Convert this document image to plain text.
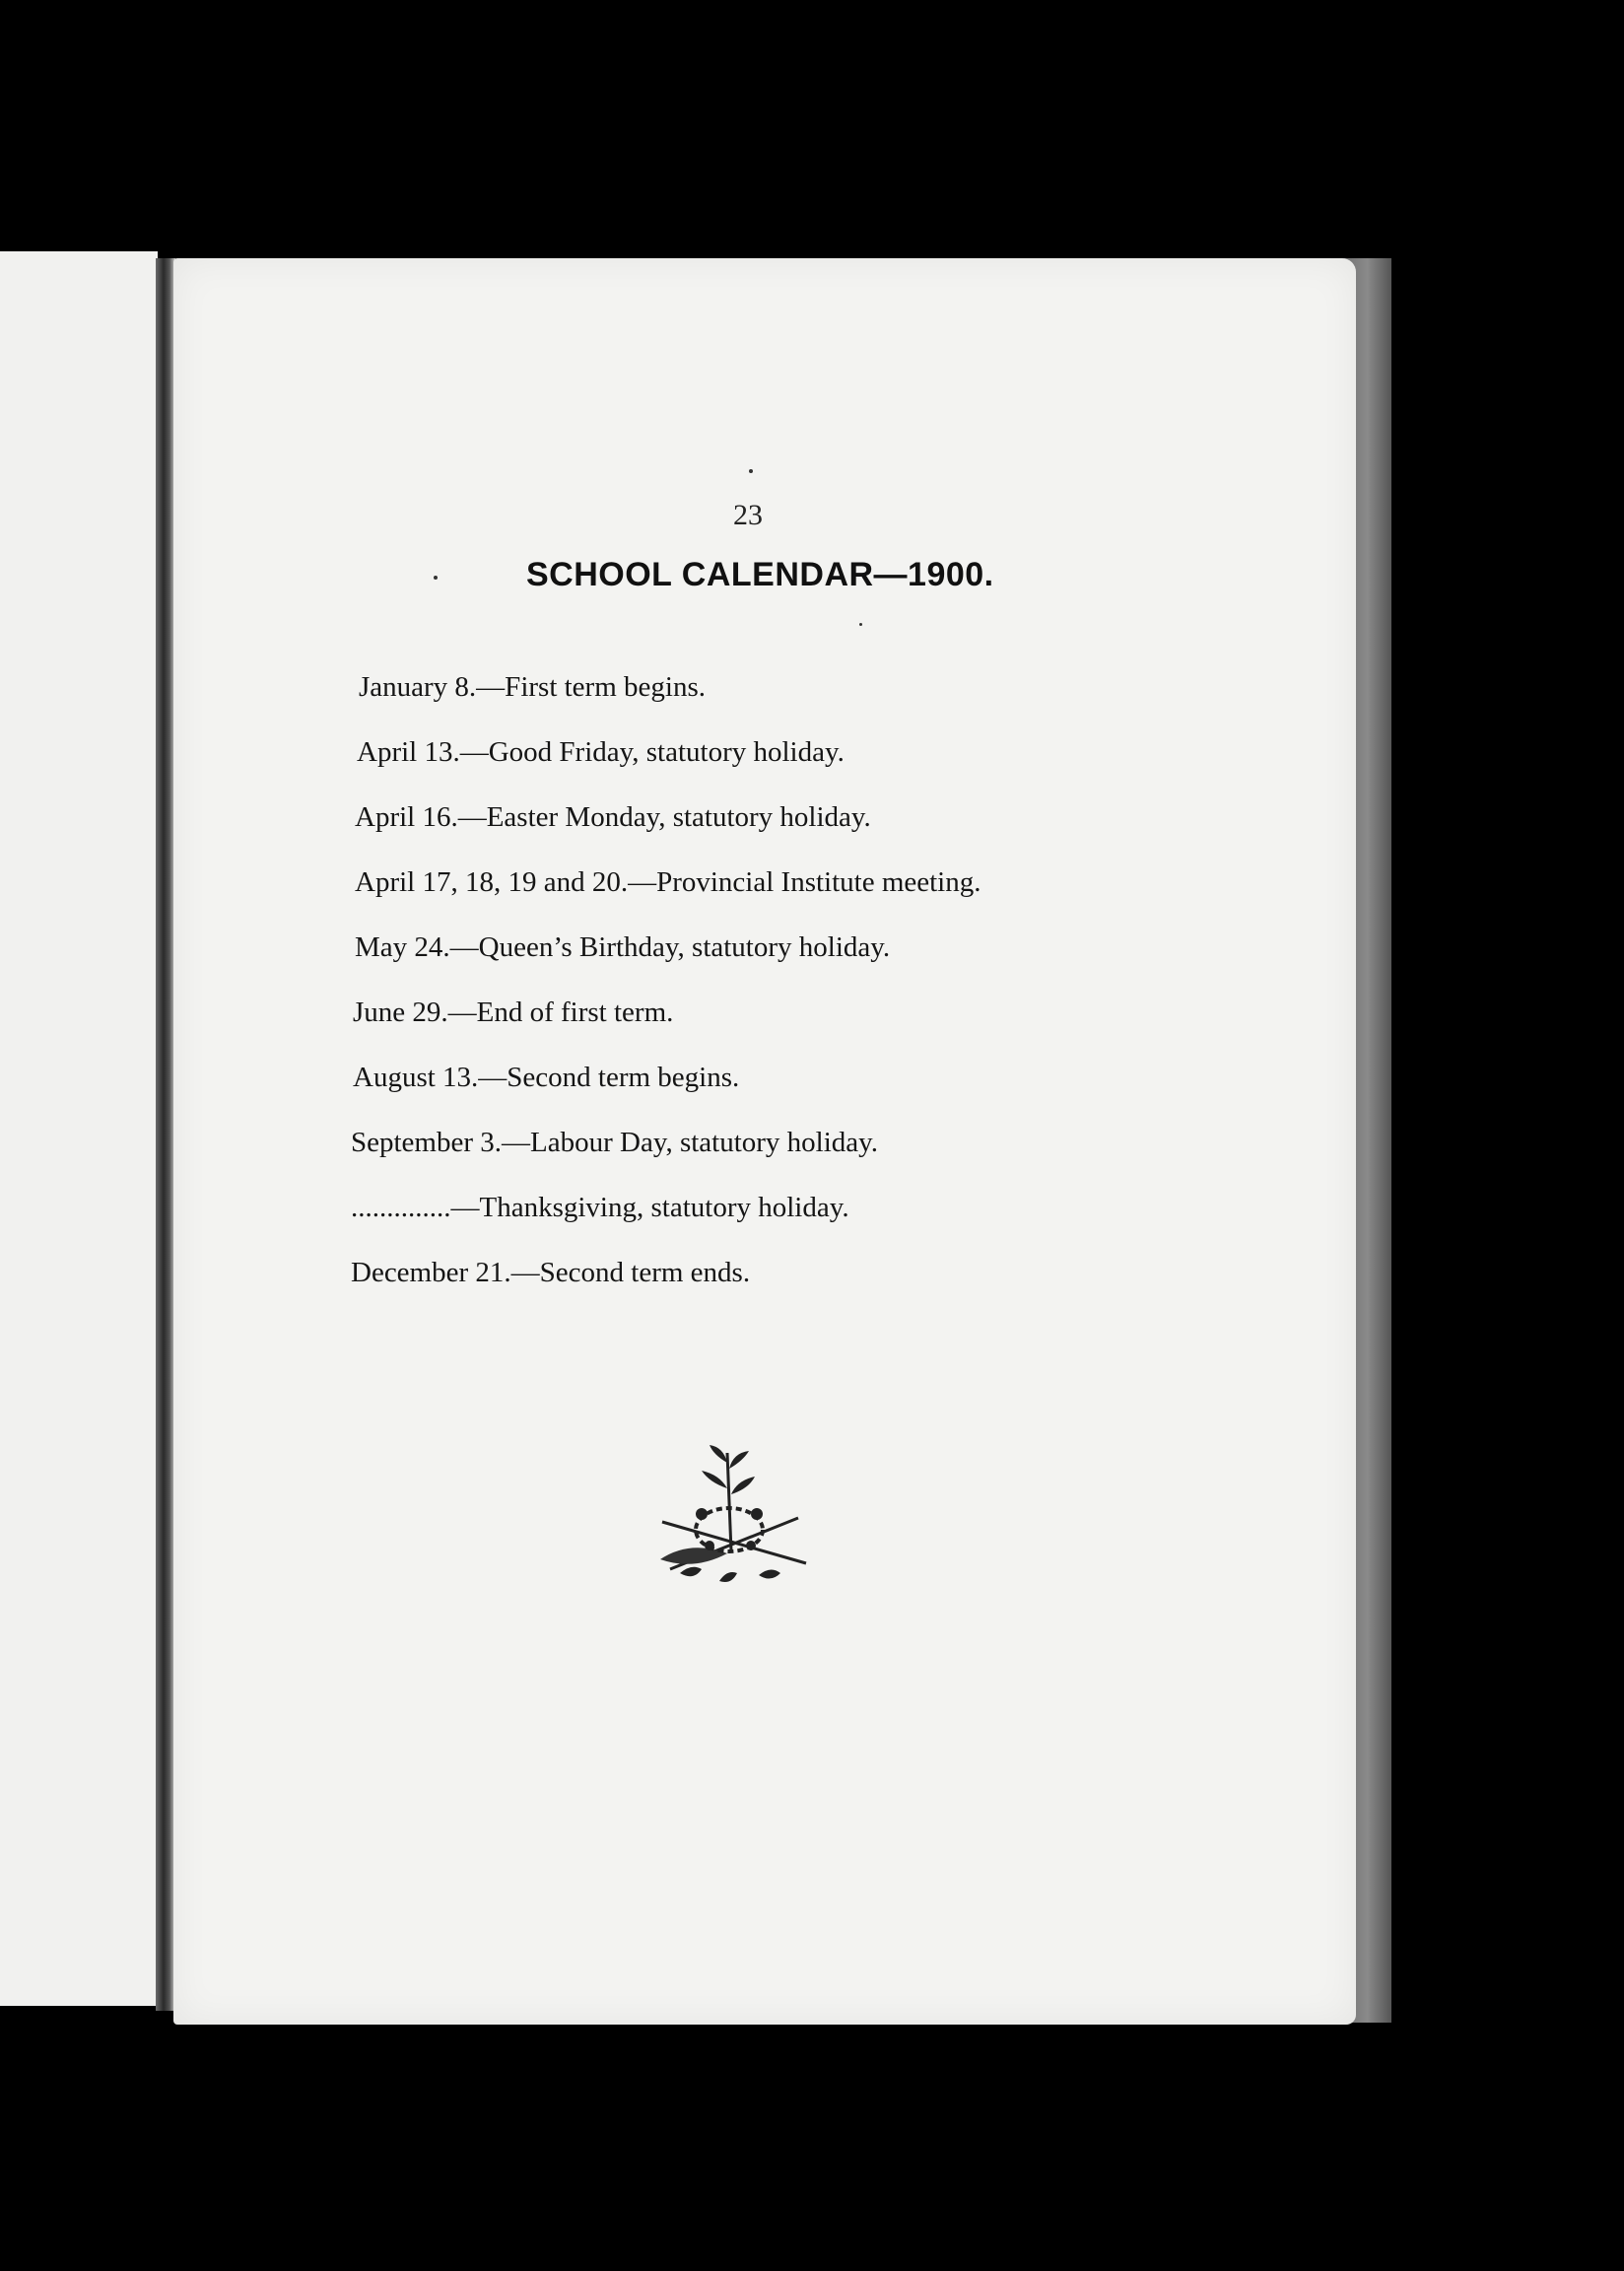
23
SCHOOL CALENDAR—1900.
January 8.—First term begins.
April 13.—Good Friday, statutory holiday.
April 16.—Easter Monday, statutory holiday.
April 17, 18, 19 and 20.—Provincial Institute meeting.
May 24.—Queen’s Birthday, statutory holiday.
June 29.—End of first term.
August 13.—Second term begins.
September 3.—Labour Day, statutory holiday.
..............—Thanksgiving, statutory holiday.
December 21.—Second term ends.
